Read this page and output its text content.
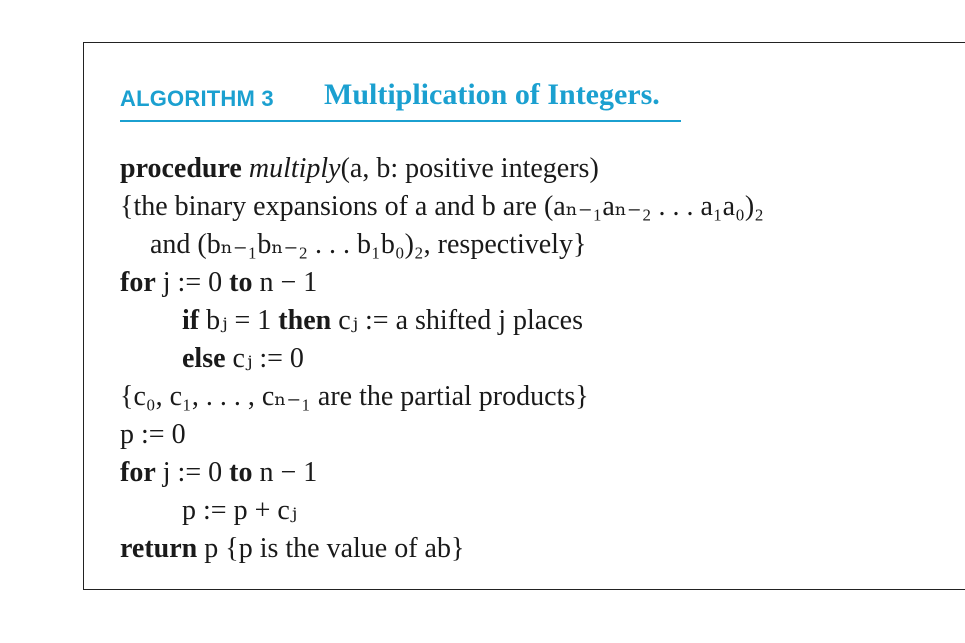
ALGORITHM 3 Multiplication of Integers.
procedure multiply(a, b: positive integers)
{the binary expansions of a and b are (aₙ₋₁aₙ₋₂ . . . a₁a₀)₂
and (bₙ₋₁bₙ₋₂ . . . b₁b₀)₂, respectively}
for j := 0 to n − 1
if bⱼ = 1 then cⱼ := a shifted j places
else cⱼ := 0
{c₀, c₁, . . . , cₙ₋₁ are the partial products}
p := 0
for j := 0 to n − 1
p := p + cⱼ
return p {p is the value of ab}
